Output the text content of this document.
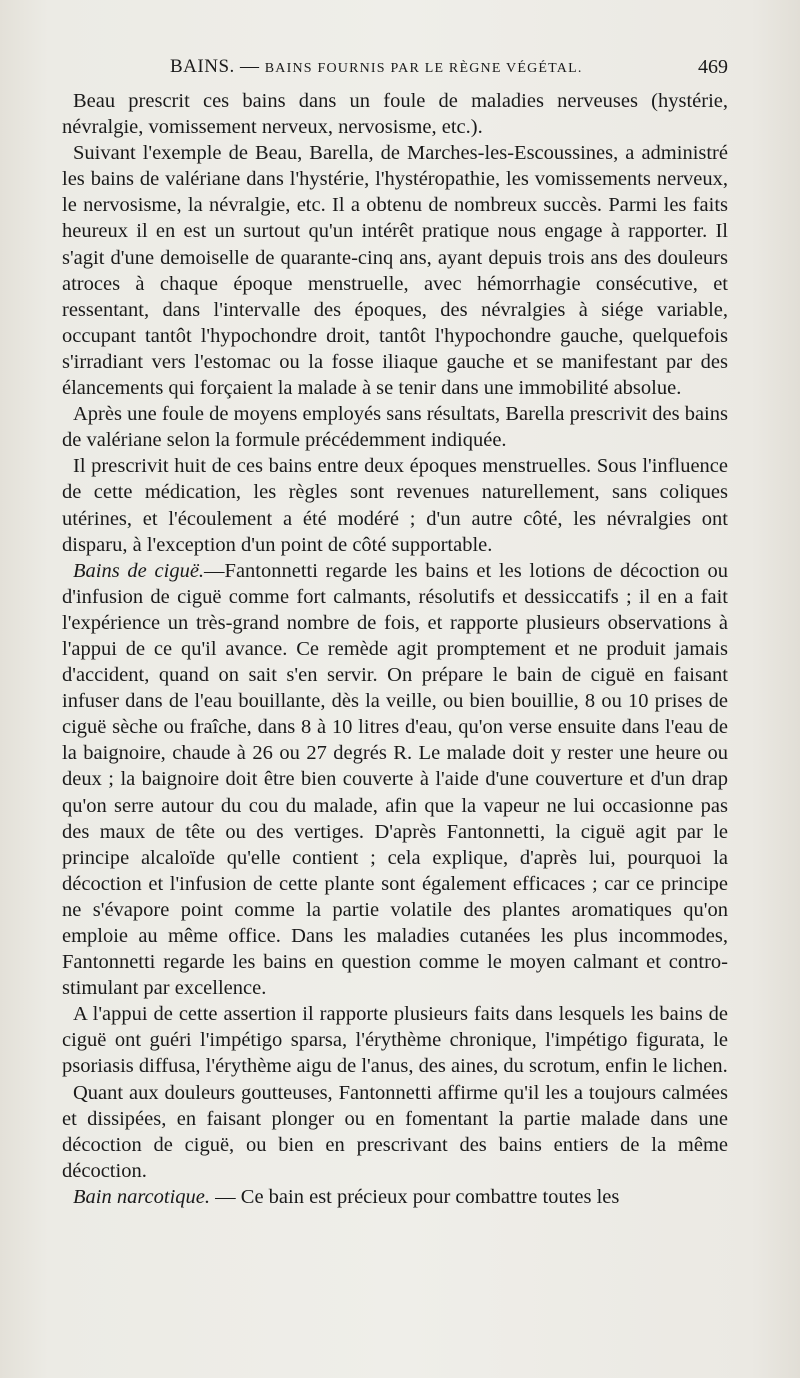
BAINS. — BAINS FOURNIS PAR LE RÈGNE VÉGÉTAL.	469

Beau prescrit ces bains dans un foule de maladies nerveuses (hystérie, névralgie, vomissement nerveux, nervosisme, etc.).

Suivant l'exemple de Beau, Barella, de Marches-les-Escoussines, a administré les bains de valériane dans l'hystérie, l'hystéropathie, les vomissements nerveux, le nervosisme, la névralgie, etc. Il a obtenu de nombreux succès. Parmi les faits heureux il en est un surtout qu'un intérêt pratique nous engage à rapporter. Il s'agit d'une demoiselle de quarante-cinq ans, ayant depuis trois ans des douleurs atroces à chaque époque menstruelle, avec hémorrhagie consécutive, et ressentant, dans l'intervalle des époques, des névralgies à siége variable, occupant tantôt l'hypochondre droit, tantôt l'hypochondre gauche, quelquefois s'irradiant vers l'estomac ou la fosse iliaque gauche et se manifestant par des élancements qui forçaient la malade à se tenir dans une immobilité absolue.

Après une foule de moyens employés sans résultats, Barella prescrivit des bains de valériane selon la formule précédemment indiquée.

Il prescrivit huit de ces bains entre deux époques menstruelles. Sous l'influence de cette médication, les règles sont revenues naturellement, sans coliques utérines, et l'écoulement a été modéré ; d'un autre côté, les névralgies ont disparu, à l'exception d'un point de côté supportable.

Bains de ciguë.—Fantonnetti regarde les bains et les lotions de décoction ou d'infusion de ciguë comme fort calmants, résolutifs et dessiccatifs ; il en a fait l'expérience un très-grand nombre de fois, et rapporte plusieurs observations à l'appui de ce qu'il avance. Ce remède agit promptement et ne produit jamais d'accident, quand on sait s'en servir. On prépare le bain de ciguë en faisant infuser dans de l'eau bouillante, dès la veille, ou bien bouillie, 8 ou 10 prises de ciguë sèche ou fraîche, dans 8 à 10 litres d'eau, qu'on verse ensuite dans l'eau de la baignoire, chaude à 26 ou 27 degrés R. Le malade doit y rester une heure ou deux ; la baignoire doit être bien couverte à l'aide d'une couverture et d'un drap qu'on serre autour du cou du malade, afin que la vapeur ne lui occasionne pas des maux de tête ou des vertiges. D'après Fantonnetti, la ciguë agit par le principe alcaloïde qu'elle contient ; cela explique, d'après lui, pourquoi la décoction et l'infusion de cette plante sont également efficaces ; car ce principe ne s'évapore point comme la partie volatile des plantes aromatiques qu'on emploie au même office. Dans les maladies cutanées les plus incommodes, Fantonnetti regarde les bains en question comme le moyen calmant et contro-stimulant par excellence.

A l'appui de cette assertion il rapporte plusieurs faits dans lesquels les bains de ciguë ont guéri l'impétigo sparsa, l'érythème chronique, l'impétigo figurata, le psoriasis diffusa, l'érythème aigu de l'anus, des aines, du scrotum, enfin le lichen.

Quant aux douleurs goutteuses, Fantonnetti affirme qu'il les a toujours calmées et dissipées, en faisant plonger ou en fomentant la partie malade dans une décoction de ciguë, ou bien en prescrivant des bains entiers de la même décoction.

Bain narcotique. — Ce bain est précieux pour combattre toutes les
